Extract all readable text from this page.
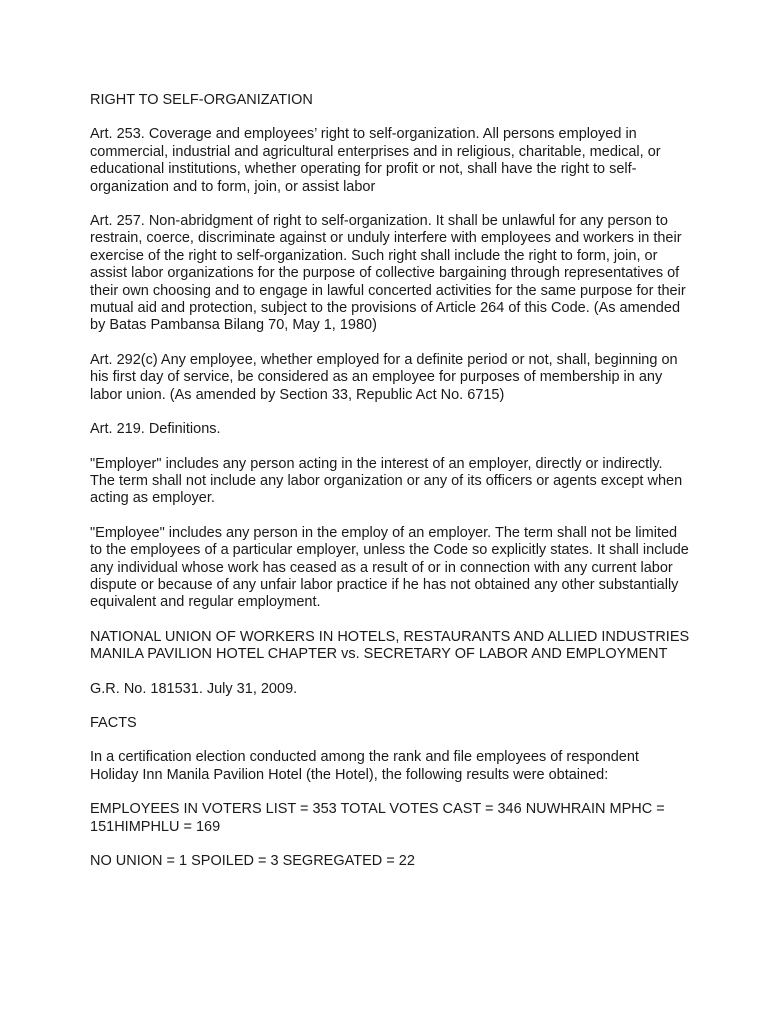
RIGHT TO SELF-ORGANIZATION

Art. 253. Coverage and employees’ right to self-organization. All persons employed in commercial, industrial and agricultural enterprises and in religious, charitable, medical, or educational institutions, whether operating for profit or not, shall have the right to self-organization and to form, join, or assist labor

Art. 257. Non-abridgment of right to self-organization. It shall be unlawful for any person to restrain, coerce, discriminate against or unduly interfere with employees and workers in their exercise of the right to self-organization. Such right shall include the right to form, join, or assist labor organizations for the purpose of collective bargaining through representatives of their own choosing and to engage in lawful concerted activities for the same purpose for their mutual aid and protection, subject to the provisions of Article 264 of this Code. (As amended by Batas Pambansa Bilang 70, May 1, 1980)

Art. 292(c) Any employee, whether employed for a definite period or not, shall, beginning on his first day of service, be considered as an employee for purposes of membership in any labor union. (As amended by Section 33, Republic Act No. 6715)

Art. 219. Definitions.

"Employer" includes any person acting in the interest of an employer, directly or indirectly. The term shall not include any labor organization or any of its officers or agents except when acting as employer.

"Employee" includes any person in the employ of an employer. The term shall not be limited to the employees of a particular employer, unless the Code so explicitly states. It shall include any individual whose work has ceased as a result of or in connection with any current labor dispute or because of any unfair labor practice if he has not obtained any other substantially equivalent and regular employment.

NATIONAL UNION OF WORKERS IN HOTELS, RESTAURANTS AND ALLIED INDUSTRIES MANILA PAVILION HOTEL CHAPTER vs. SECRETARY OF LABOR AND EMPLOYMENT

G.R. No. 181531. July 31, 2009.

FACTS

In a certification election conducted among the rank and file employees of respondent Holiday Inn Manila Pavilion Hotel (the Hotel), the following results were obtained:

EMPLOYEES IN VOTERS LIST = 353 TOTAL VOTES CAST = 346 NUWHRAIN MPHC = 151HIMPHLU = 169

NO UNION = 1 SPOILED = 3 SEGREGATED = 22
